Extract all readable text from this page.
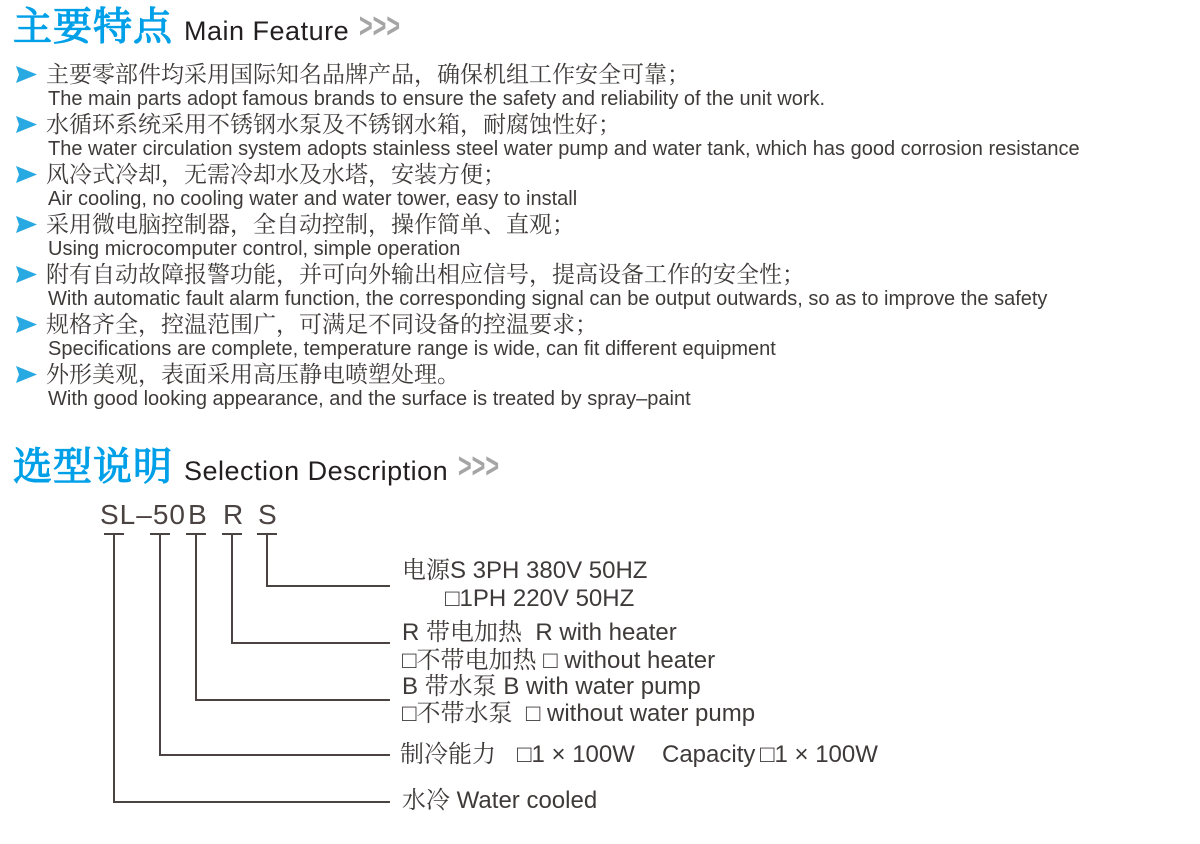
主要特点 Main Feature >>>
主要零部件均采用国际知名品牌产品，确保机组工作安全可靠；
The main parts adopt famous brands to ensure the safety and reliability of the unit work.
水循环系统采用不锈钢水泵及不锈钢水箱，耐腐蚀性好；
The water circulation system adopts stainless steel water pump and water tank, which has good corrosion resistance
风冷式冷却，无需冷却水及水塔，安装方便；
Air cooling, no cooling water and water tower, easy to install
采用微电脑控制器，全自动控制，操作简单、直观；
Using microcomputer control, simple operation
附有自动故障报警功能，并可向外输出相应信号，提高设备工作的安全性；
With automatic fault alarm function, the corresponding signal can be output outwards, so as to improve the safety
规格齐全，控温范围广，可满足不同设备的控温要求；
Specifications are complete, temperature range is wide, can fit different equipment
外形美观，表面采用高压静电喷塑处理。
With good looking appearance, and the surface is treated by spray–paint
选型说明 Selection Description >>>
SL–50 B R S
电源S 3PH 380V 50HZ
□1PH 220V 50HZ
R 带电加热  R with heater
□不带电加热 □ without heater
B 带水泵 B with water pump
□不带水泵  □ without water pump
制冷能力 □1 × 100W Capacity □1 × 100W
水冷 Water cooled
